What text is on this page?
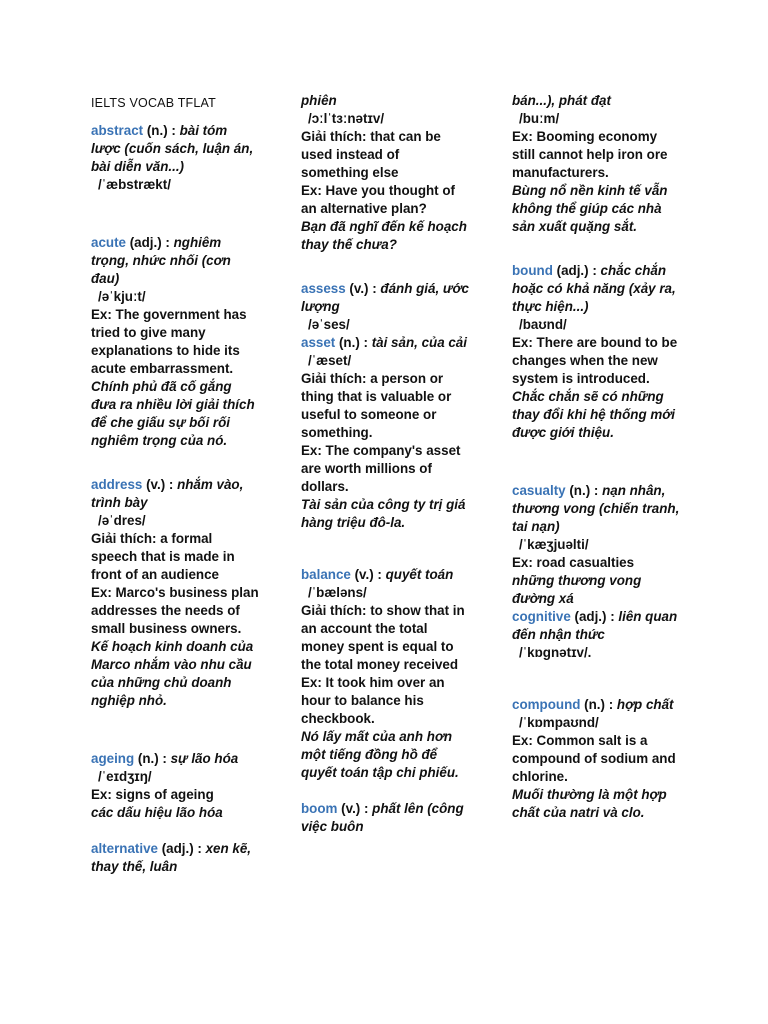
IELTS VOCAB TFLAT

abstract (n.) : bài tóm lược (cuốn sách, luận án, bài diễn văn...)

/ˈæbstrækt/

acute (adj.) : nghiêm trọng, nhức nhối (cơn đau)

/əˈkjuːt/

Ex: The government has tried to give many explanations to hide its acute embarrassment.

Chính phủ đã cố gắng đưa ra nhiều lời giải thích để che giấu sự bối rối nghiêm trọng của nó.

address (v.) : nhắm vào, trình bày

/əˈdres/

Giải thích: a formal speech that is made in front of an audience

Ex: Marco's business plan addresses the needs of small business owners.

Kế hoạch kinh doanh của Marco nhắm vào nhu cầu của những chủ doanh nghiệp nhỏ.

ageing (n.) : sự lão hóa

/ˈeɪdʒɪŋ/

Ex: signs of ageing

các dấu hiệu lão hóa

alternative (adj.) : xen kẽ, thay thế, luân

phiên

/ɔːlˈtɜːnətɪv/

Giải thích: that can be used instead of something else

Ex: Have you thought of an alternative plan?

Bạn đã nghĩ đến kế hoạch thay thế chưa?

assess (v.) : đánh giá, ước lượng

/əˈses/

asset (n.) : tài sản, của cải

/ˈæset/

Giải thích: a person or thing that is valuable or useful to someone or something.

Ex: The company's asset are worth millions of dollars.

Tài sản của công ty trị giá hàng triệu đô-la.

balance (v.) : quyết toán

/ˈbæləns/

Giải thích: to show that in an account the total money spent is equal to the total money received

Ex: It took him over an hour to balance his checkbook.

Nó lấy mất của anh hơn một tiếng đồng hồ để quyết toán tập chi phiếu.

boom (v.) : phất lên (công việc buôn

bán...), phát đạt

/buːm/

Ex: Booming economy still cannot help iron ore manufacturers.

Bùng nổ nền kinh tế vẫn không thể giúp các nhà sản xuất quặng sắt.

bound (adj.) : chắc chắn hoặc có khả năng (xảy ra, thực hiện...)

/baʊnd/

Ex: There are bound to be changes when the new system is introduced.

Chắc chắn sẽ có những thay đổi khi hệ thống mới được giới thiệu.

casualty (n.) : nạn nhân, thương vong (chiến tranh, tai nạn)

/ˈkæʒjuəlti/

Ex: road casualties

những thương vong đường xá

cognitive (adj.) : liên quan đến nhận thức

/ˈkɒɡnətɪv/.

compound (n.) : hợp chất

/ˈkɒmpaʊnd/

Ex: Common salt is a compound of sodium and chlorine.

Muối thường là một hợp chất của natri và clo.
